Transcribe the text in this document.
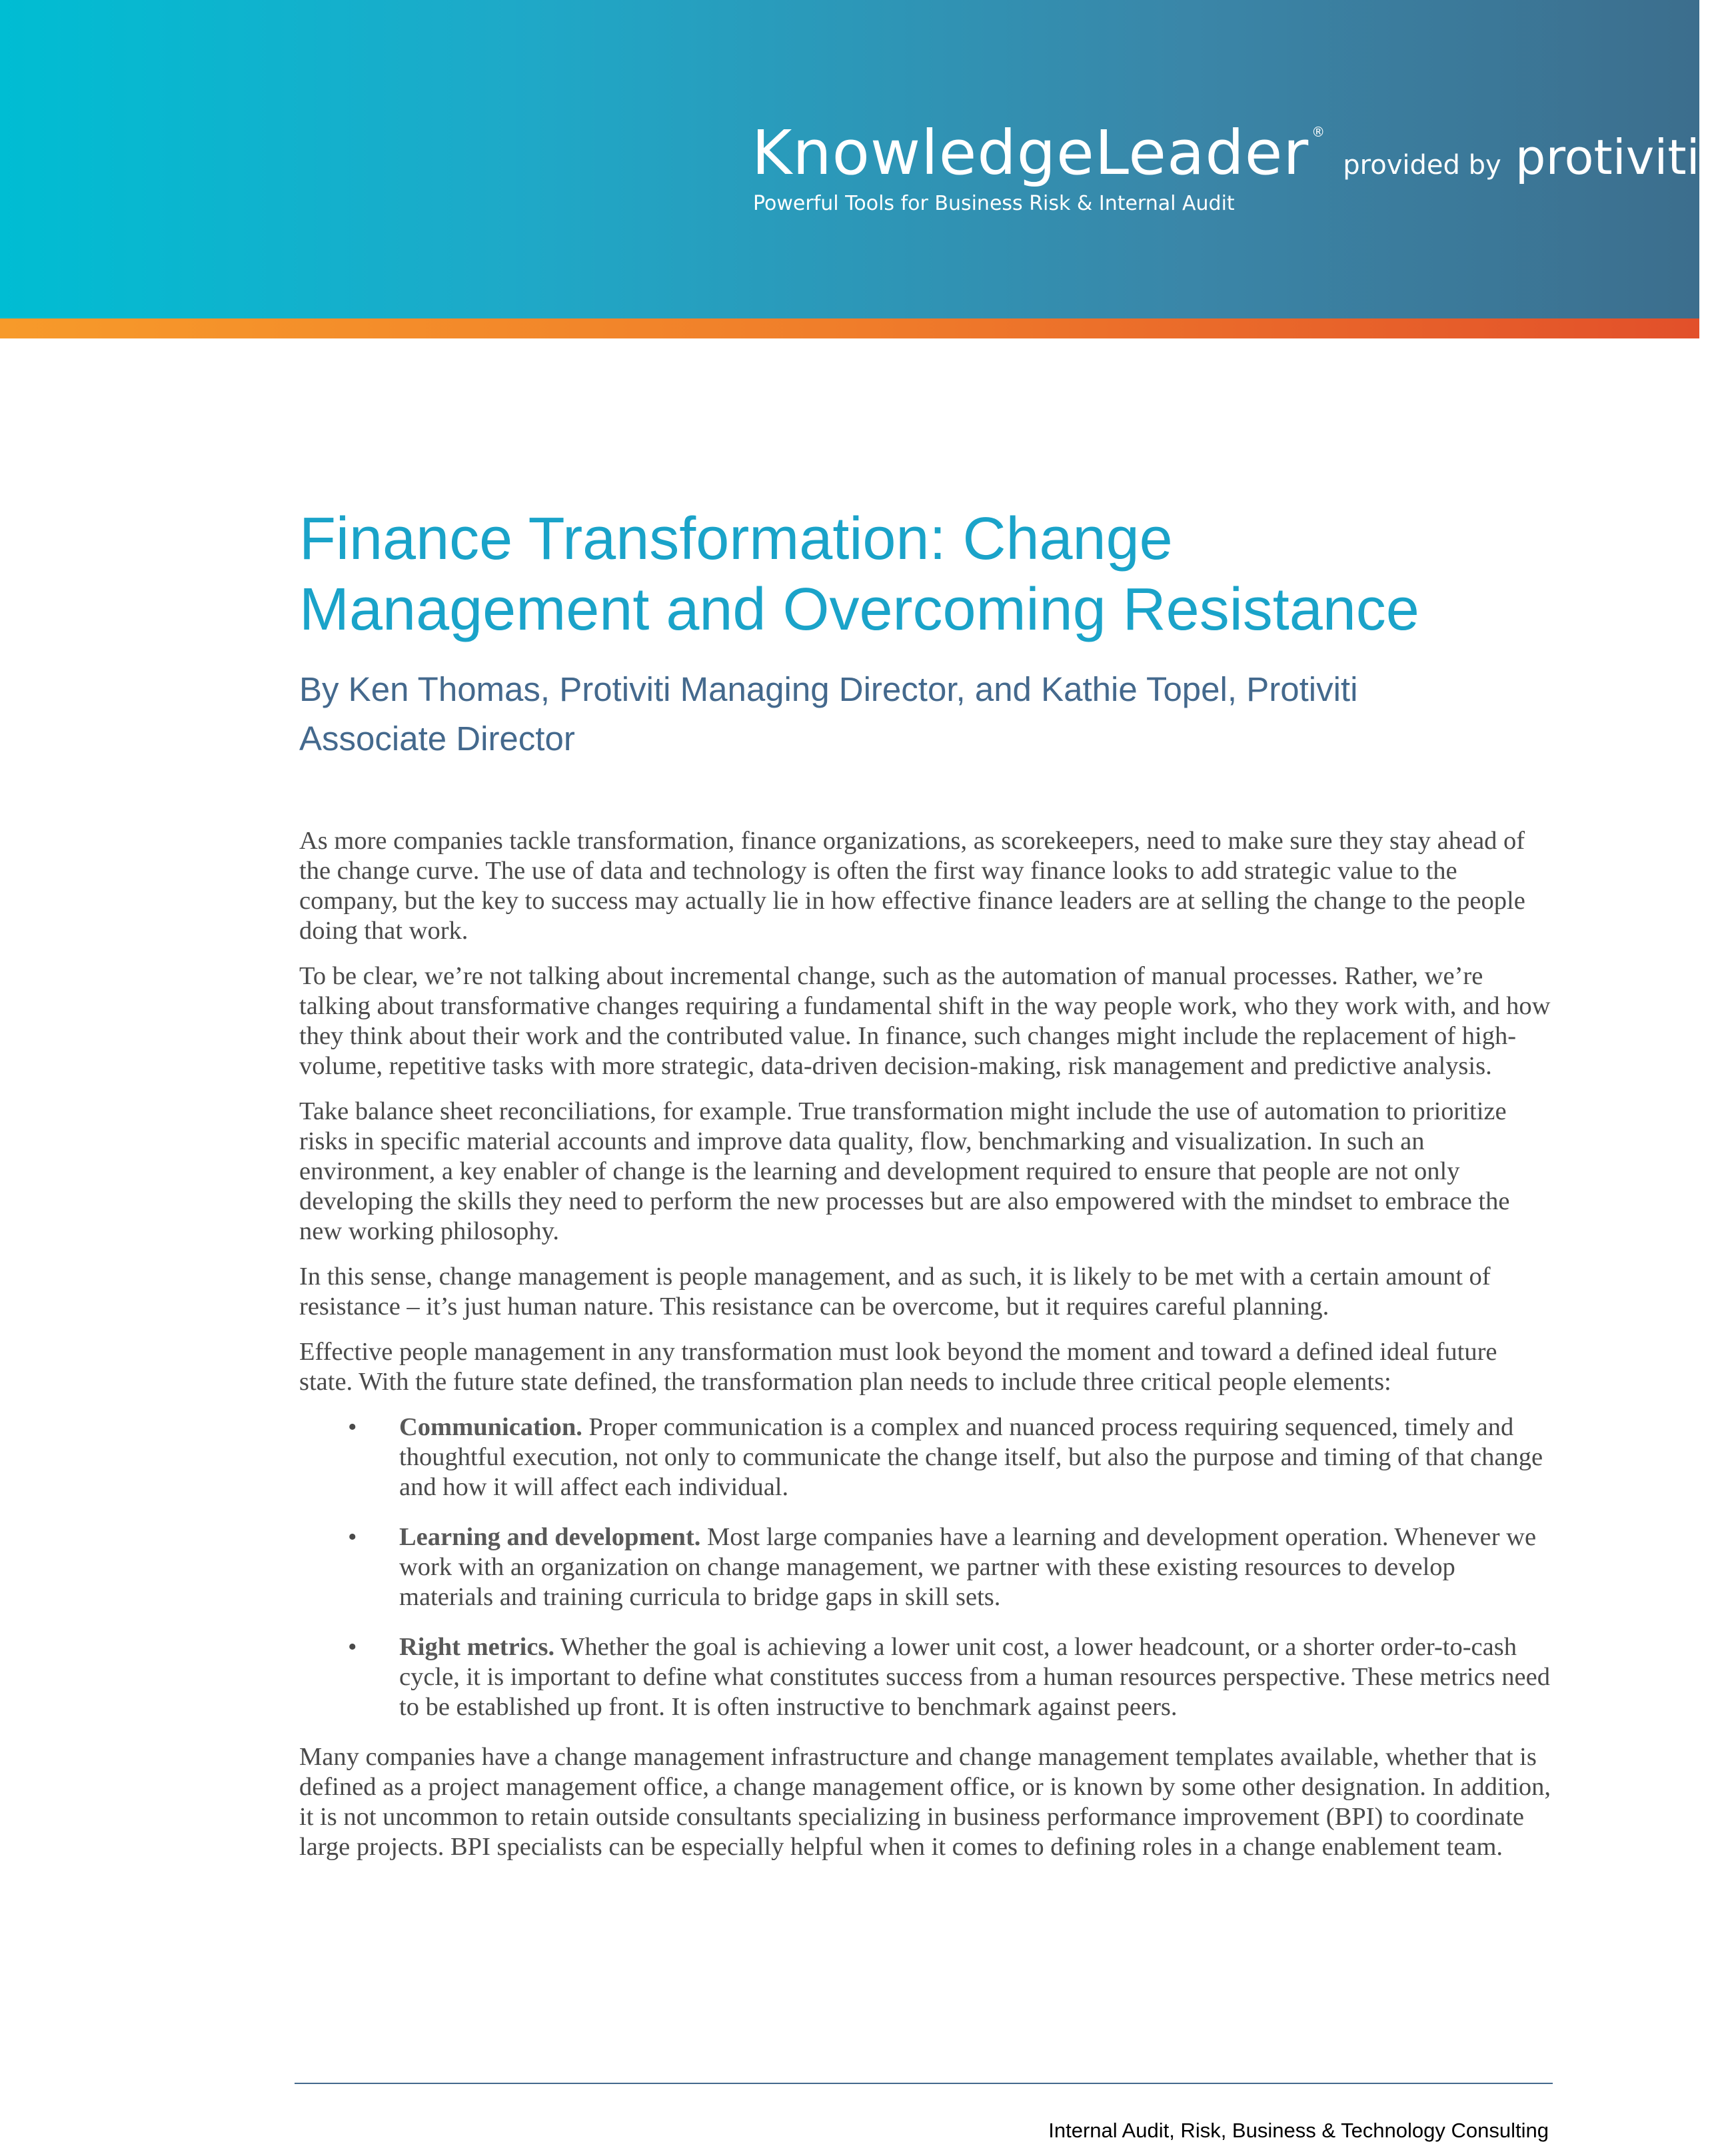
KnowledgeLeader ® provided by protiviti ®
Powerful Tools for Business Risk & Internal Audit
Finance Transformation: Change Management and Overcoming Resistance

By Ken Thomas, Protiviti Managing Director, and Kathie Topel, Protiviti Associate Director

As more companies tackle transformation, finance organizations, as scorekeepers, need to make sure they stay ahead of the change curve. The use of data and technology is often the first way finance looks to add strategic value to the company, but the key to success may actually lie in how effective finance leaders are at selling the change to the people doing that work.

To be clear, we’re not talking about incremental change, such as the automation of manual processes. Rather, we’re talking about transformative changes requiring a fundamental shift in the way people work, who they work with, and how they think about their work and the contributed value. In finance, such changes might include the replacement of high-volume, repetitive tasks with more strategic, data-driven decision-making, risk management and predictive analysis.

Take balance sheet reconciliations, for example. True transformation might include the use of automation to prioritize risks in specific material accounts and improve data quality, flow, benchmarking and visualization. In such an environment, a key enabler of change is the learning and development required to ensure that people are not only developing the skills they need to perform the new processes but are also empowered with the mindset to embrace the new working philosophy.

In this sense, change management is people management, and as such, it is likely to be met with a certain amount of resistance – it’s just human nature. This resistance can be overcome, but it requires careful planning.

Effective people management in any transformation must look beyond the moment and toward a defined ideal future state. With the future state defined, the transformation plan needs to include three critical people elements:

• Communication. Proper communication is a complex and nuanced process requiring sequenced, timely and thoughtful execution, not only to communicate the change itself, but also the purpose and timing of that change and how it will affect each individual.
• Learning and development. Most large companies have a learning and development operation. Whenever we work with an organization on change management, we partner with these existing resources to develop materials and training curricula to bridge gaps in skill sets.
• Right metrics. Whether the goal is achieving a lower unit cost, a lower headcount, or a shorter order-to-cash cycle, it is important to define what constitutes success from a human resources perspective. These metrics need to be established up front. It is often instructive to benchmark against peers.

Many companies have a change management infrastructure and change management templates available, whether that is defined as a project management office, a change management office, or is known by some other designation. In addition, it is not uncommon to retain outside consultants specializing in business performance improvement (BPI) to coordinate large projects. BPI specialists can be especially helpful when it comes to defining roles in a change enablement team.

Internal Audit, Risk, Business & Technology Consulting
